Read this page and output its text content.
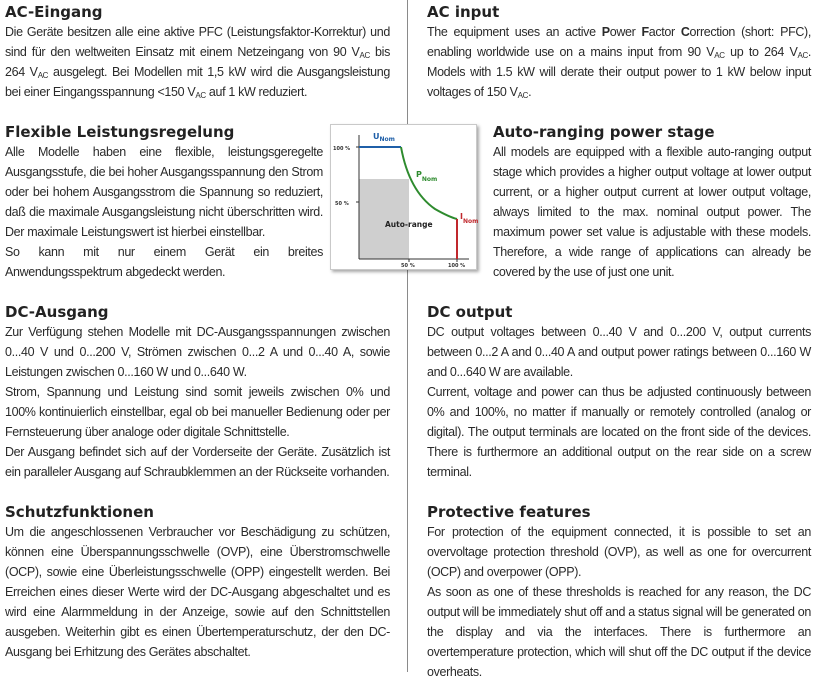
AC-Eingang

Die Geräte besitzen alle eine aktive PFC (Leistungsfaktor-Korrektur) und sind für den weltweiten Einsatz mit einem Netzeingang von 90 $V_{AC}$ bis 264 $V_{AC}$ ausgelegt. Bei Modellen mit 1,5 kW wird die Ausgangsleistung bei einer Eingangsspannung <150 $V_{AC}$ auf 1 kW reduziert.

Flexible Leistungsregelung

Alle Modelle haben eine flexible, leistungsgeregelte Ausgangsstufe, die bei hoher Ausgangsspannung den Strom oder bei hohem Ausgangsstrom die Spannung so reduziert, daß die maximale Ausgangsleistung nicht überschritten wird. Der maximale Leistungswert ist hierbei einstellbar.

So kann mit nur einem Gerät ein breites Anwendungsspektrum abgedeckt werden.

DC-Ausgang

Zur Verfügung stehen Modelle mit DC-Ausgangsspannungen zwischen 0...40 V und 0...200 V, Strömen zwischen 0...2 A und 0...40 A, sowie Leistungen zwischen 0...160 W und 0...640 W.

Strom, Spannung und Leistung sind somit jeweils zwischen 0% und 100% kontinuierlich einstellbar, egal ob bei manueller Bedienung oder per Fernsteuerung über analoge oder digitale Schnittstelle.

Der Ausgang befindet sich auf der Vorderseite der Geräte. Zusätzlich ist ein paralleler Ausgang auf Schraubklemmen an der Rückseite vorhanden.

Schutzfunktionen

Um die angeschlossenen Verbraucher vor Beschädigung zu schützen, können eine Überspannungsschwelle (OVP), eine Überstromschwelle (OCP), sowie eine Überleistungsschwelle (OPP) eingestellt werden. Bei Erreichen eines dieser Werte wird der DC-Ausgang abgeschaltet und es wird eine Alarmmeldung in der Anzeige, sowie auf den Schnittstellen ausgeben. Weiterhin gibt es einen Übertemperaturschutz, der den DC-Ausgang bei Erhitzung des Gerätes abschaltet.

100 %
50 %
50 %	100 %
$U_{Nom}$
$P_{Nom}$
$I_{Nom}$
Auto-range
AC input

The equipment uses an active Power Factor Correction (short: PFC), enabling worldwide use on a mains input from 90 $V_{AC}$ up to 264 $V_{AC}$. Models with 1.5 kW will derate their output power to 1 kW below input voltages of 150 $V_{AC}$.

Auto-ranging power stage

All models are equipped with a flexible auto-ranging output stage which provides a higher output voltage at lower output current, or a higher output current at lower output voltage, always limited to the max. nominal output power. The maximum power set value is adjustable with these models. Therefore, a wide range of applications can already be covered by the use of just one unit.

DC output

DC output voltages between 0...40 V and 0...200 V, output currents between 0...2 A and 0...40 A and output power ratings between 0...160 W and 0...640 W are available.

Current, voltage and power can thus be adjusted continuously between 0% and 100%, no matter if manually or remotely controlled (analog or digital). The output terminals are located on the front side of the devices. There is furthermore an additional output on the rear side on a screw terminal.

Protective features

For protection of the equipment connected, it is possible to set an overvoltage protection threshold (OVP), as well as one for overcurrent (OCP) and overpower (OPP).

As soon as one of these thresholds is reached for any reason, the DC output will be immediately shut off and a status signal will be generated on the display and via the interfaces. There is furthermore an overtemperature protection, which will shut off the DC output if the device overheats.
